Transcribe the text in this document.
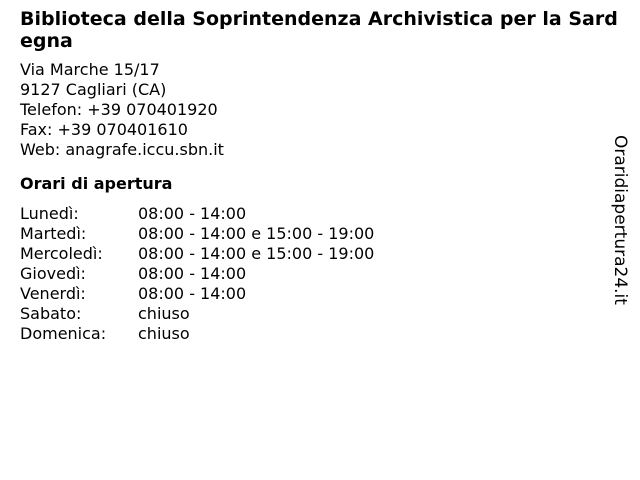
Biblioteca della Soprintendenza Archivistica per la Sardegna
Via Marche 15/17
9127 Cagliari (CA)
Telefon: +39 070401920
Fax: +39 070401610
Web: anagrafe.iccu.sbn.it
Orari di apertura
Lunedì:	08:00 - 14:00
Martedì:	08:00 - 14:00 e 15:00 - 19:00
Mercoledì:	08:00 - 14:00 e 15:00 - 19:00
Giovedì:	08:00 - 14:00
Venerdì:	08:00 - 14:00
Sabato:	chiuso
Domenica:	chiuso
Oraridiapertura24.it
